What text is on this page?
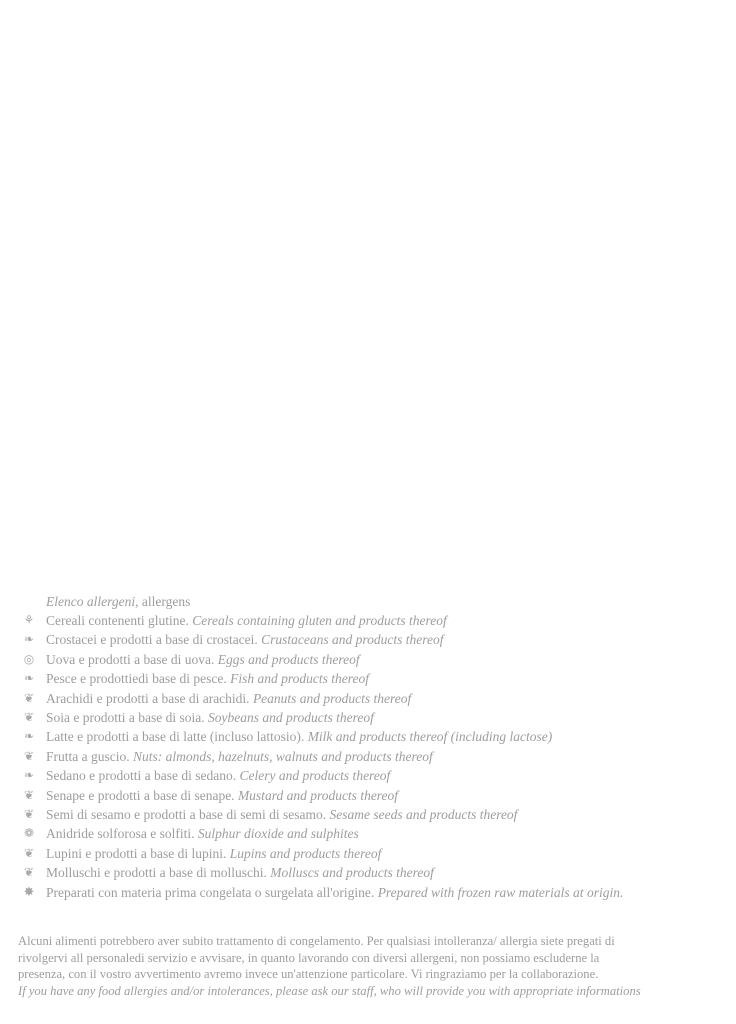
Elenco allergeni, allergens
⚘ Cereali contenenti glutine. Cereals containing gluten and products thereof
❧ Crostacei e prodotti a base di crostacei. Crustaceans and products thereof
◎ Uova e prodotti a base di uova. Eggs and products thereof
❧ Pesce e prodottiedi base di pesce. Fish and products thereof
❦ Arachidi e prodotti a base di arachidi. Peanuts and products thereof
❦ Soia e prodotti a base di soia. Soybeans and products thereof
❧ Latte e prodotti a base di latte (incluso lattosio). Milk and products thereof (including lactose)
❦ Frutta a guscio. Nuts: almonds, hazelnuts, walnuts and products thereof
❧ Sedano e prodotti a base di sedano. Celery and products thereof
❦ Senape e prodotti a base di senape. Mustard and products thereof
❦ Semi di sesamo e prodotti a base di semi di sesamo. Sesame seeds and products thereof
❁ Anidride solforosa e solfiti. Sulphur dioxide and sulphites
❦ Lupini e prodotti a base di lupini. Lupins and products thereof
❦ Molluschi e prodotti a base di molluschi. Molluscs and products thereof
✸ Preparati con materia prima congelata o surgelata all'origine. Prepared with frozen raw materials at origin.
Alcuni alimenti potrebbero aver subito trattamento di congelamento. Per qualsiasi intolleranza/ allergia siete pregati di
rivolgervi all personaledi servizio e avvisare, in quanto lavorando con diversi allergeni, non possiamo escluderne la
presenza, con il vostro avvertimento avremo invece un'attenzione particolare. Vi ringraziamo per la collaborazione.
If you have any food allergies and/or intolerances, please ask our staff, who will provide you with appropriate informations
